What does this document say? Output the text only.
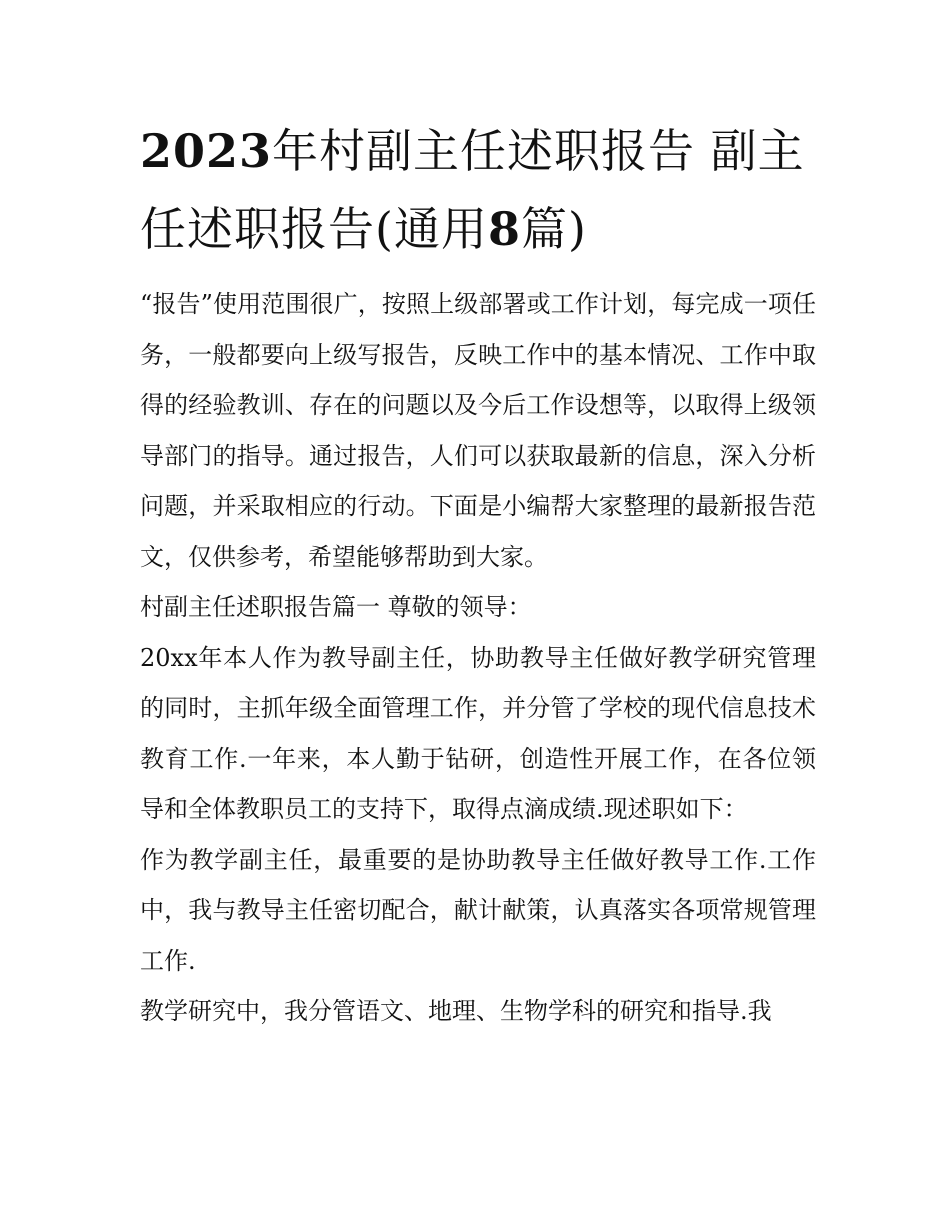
2023年村副主任述职报告 副主任述职报告(通用8篇)

“报告”使用范围很广，按照上级部署或工作计划，每完成一项任务，一般都要向上级写报告，反映工作中的基本情况、工作中取得的经验教训、存在的问题以及今后工作设想等，以取得上级领导部门的指导。通过报告，人们可以获取最新的信息，深入分析问题，并采取相应的行动。下面是小编帮大家整理的最新报告范文，仅供参考，希望能够帮助到大家。

村副主任述职报告篇一 尊敬的领导：

20xx年本人作为教导副主任，协助教导主任做好教学研究管理的同时，主抓年级全面管理工作，并分管了学校的现代信息技术教育工作.一年来，本人勤于钻研，创造性开展工作，在各位领导和全体教职员工的支持下，取得点滴成绩.现述职如下：

作为教学副主任，最重要的是协助教导主任做好教导工作.工作中，我与教导主任密切配合，献计献策，认真落实各项常规管理工作.

教学研究中，我分管语文、地理、生物学科的研究和指导.我
